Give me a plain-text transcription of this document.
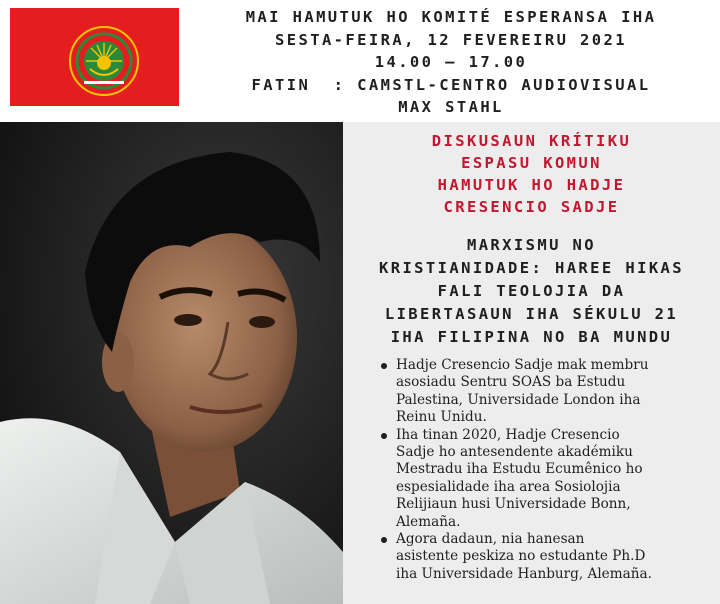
MAI HAMUTUK HO KOMITÉ ESPERANSA IHA
SESTA-FEIRA, 12 FEVEREIRU 2021
14.00 – 17.00
FATIN  : CAMSTL-CENTRO AUDIOVISUAL
MAX STAHL
DISKUSAUN KRÍTIKU
ESPASU KOMUN
HAMUTUK HO HADJE
CRESENCIO SADJE
MARXISMU NO
KRISTIANIDADE: HAREE HIKAS
FALI TEOLOJIA DA
LIBERTASAUN IHA SÉKULU 21
IHA FILIPINA NO BA MUNDU
Hadje Cresencio Sadje mak membru
asosiadu Sentru SOAS ba Estudu
Palestina, Universidade London iha
Reinu Unidu.
Iha tinan 2020, Hadje Cresencio
Sadje ho antesendente akadémiku
Mestradu iha Estudu Ecumênico ho
espesialidade iha area Sosiolojia
Relijiaun husi Universidade Bonn,
Alemaña.
Agora dadaun, nia hanesan
asistente peskiza no estudante Ph.D
iha Universidade Hanburg, Alemaña.
